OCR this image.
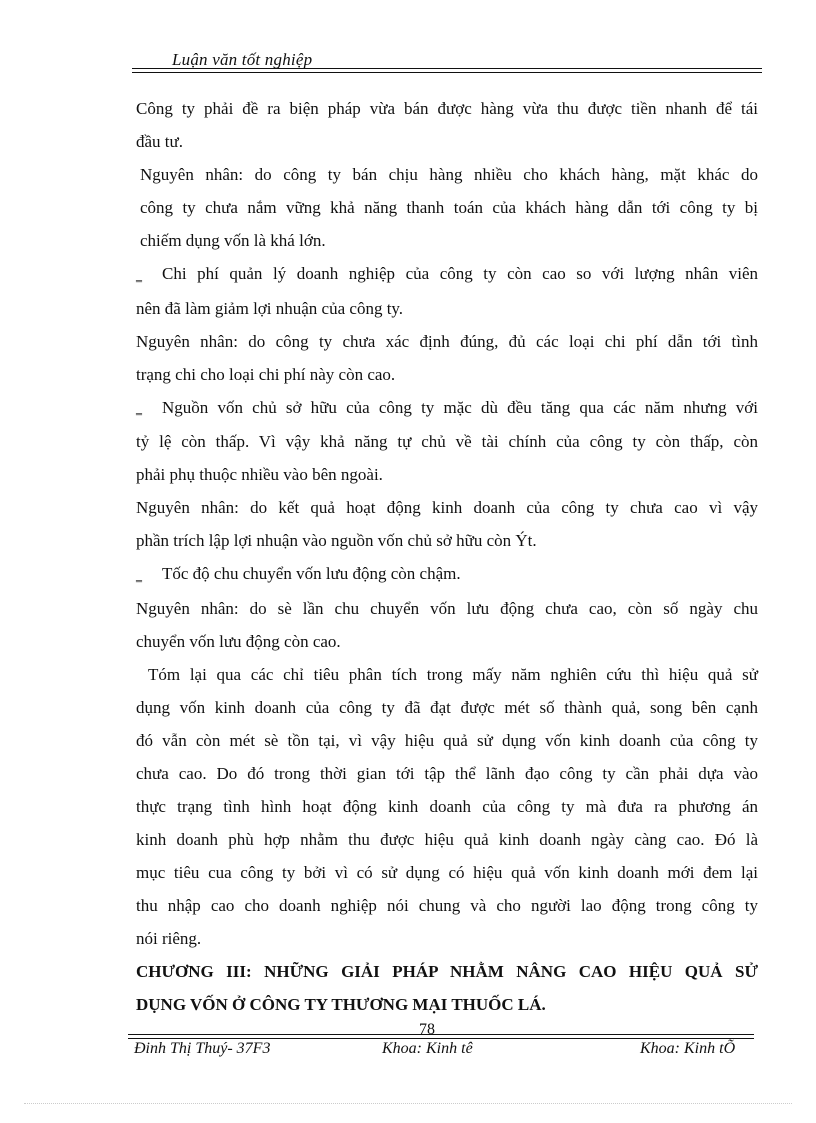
Luận văn tốt nghiệp

Công ty phải đề ra biện pháp vừa bán được hàng vừa thu được tiền nhanh để tái
đầu tư.

Nguyên nhân: do công ty bán chịu hàng nhiều cho khách hàng, mặt khác do
công ty chưa nắm vững khả năng thanh toán của khách hàng dẫn tới công ty bị
chiếm dụng vốn là khá lớn.

‗ Chi phí quản lý doanh nghiệp của công ty còn cao so với lượng nhân viên
nên đã làm giảm lợi nhuận của công ty.

Nguyên nhân: do công ty chưa xác định đúng, đủ các loại chi phí dẫn tới tình
trạng chi cho loại chi phí này còn cao.

‗ Nguồn vốn chủ sở hữu của công ty mặc dù đều tăng qua các năm nhưng với
tỷ lệ còn thấp. Vì vậy khả năng tự chủ về tài chính của công ty còn thấp, còn
phải phụ thuộc nhiều vào bên ngoài.

Nguyên nhân: do kết quả hoạt động kinh doanh của công ty chưa cao vì vậy
phần trích lập lợi nhuận vào nguồn vốn chủ sở hữu còn Ýt.

‗ Tốc độ chu chuyển vốn lưu động còn chậm.

Nguyên nhân: do sè lần chu chuyển vốn lưu động chưa cao, còn số ngày chu
chuyển vốn lưu động còn cao.

Tóm lại qua các chỉ tiêu phân tích trong mấy năm nghiên cứu thì hiệu quả sử
dụng vốn kinh doanh của công ty đã đạt được mét số thành quả, song bên cạnh
đó vẫn còn mét sè tồn tại, vì vậy hiệu quả sử dụng vốn kinh doanh của công ty
chưa cao. Do đó trong thời gian tới tập thể lãnh đạo công ty cần phải dựa vào
thực trạng tình hình hoạt động kinh doanh của công ty mà đưa ra phương án
kinh doanh phù hợp nhằm thu được hiệu quả kinh doanh ngày càng cao. Đó là
mục tiêu cua công ty bởi vì có sử dụng có hiệu quả vốn kinh doanh mới đem lại
thu nhập cao cho doanh nghiệp nói chung và cho người lao động trong công ty
nói riêng.

CHƯƠNG III: NHỮNG GIẢI PHÁP NHẰM NÂNG CAO HIỆU QUẢ SỬ
DỤNG VỐN Ở CÔNG TY THƯƠNG MẠI THUỐC LÁ.

78
Đinh Thị Thuý- 37F3	Khoa: Kinh tê	Khoa: Kinh tÕ
